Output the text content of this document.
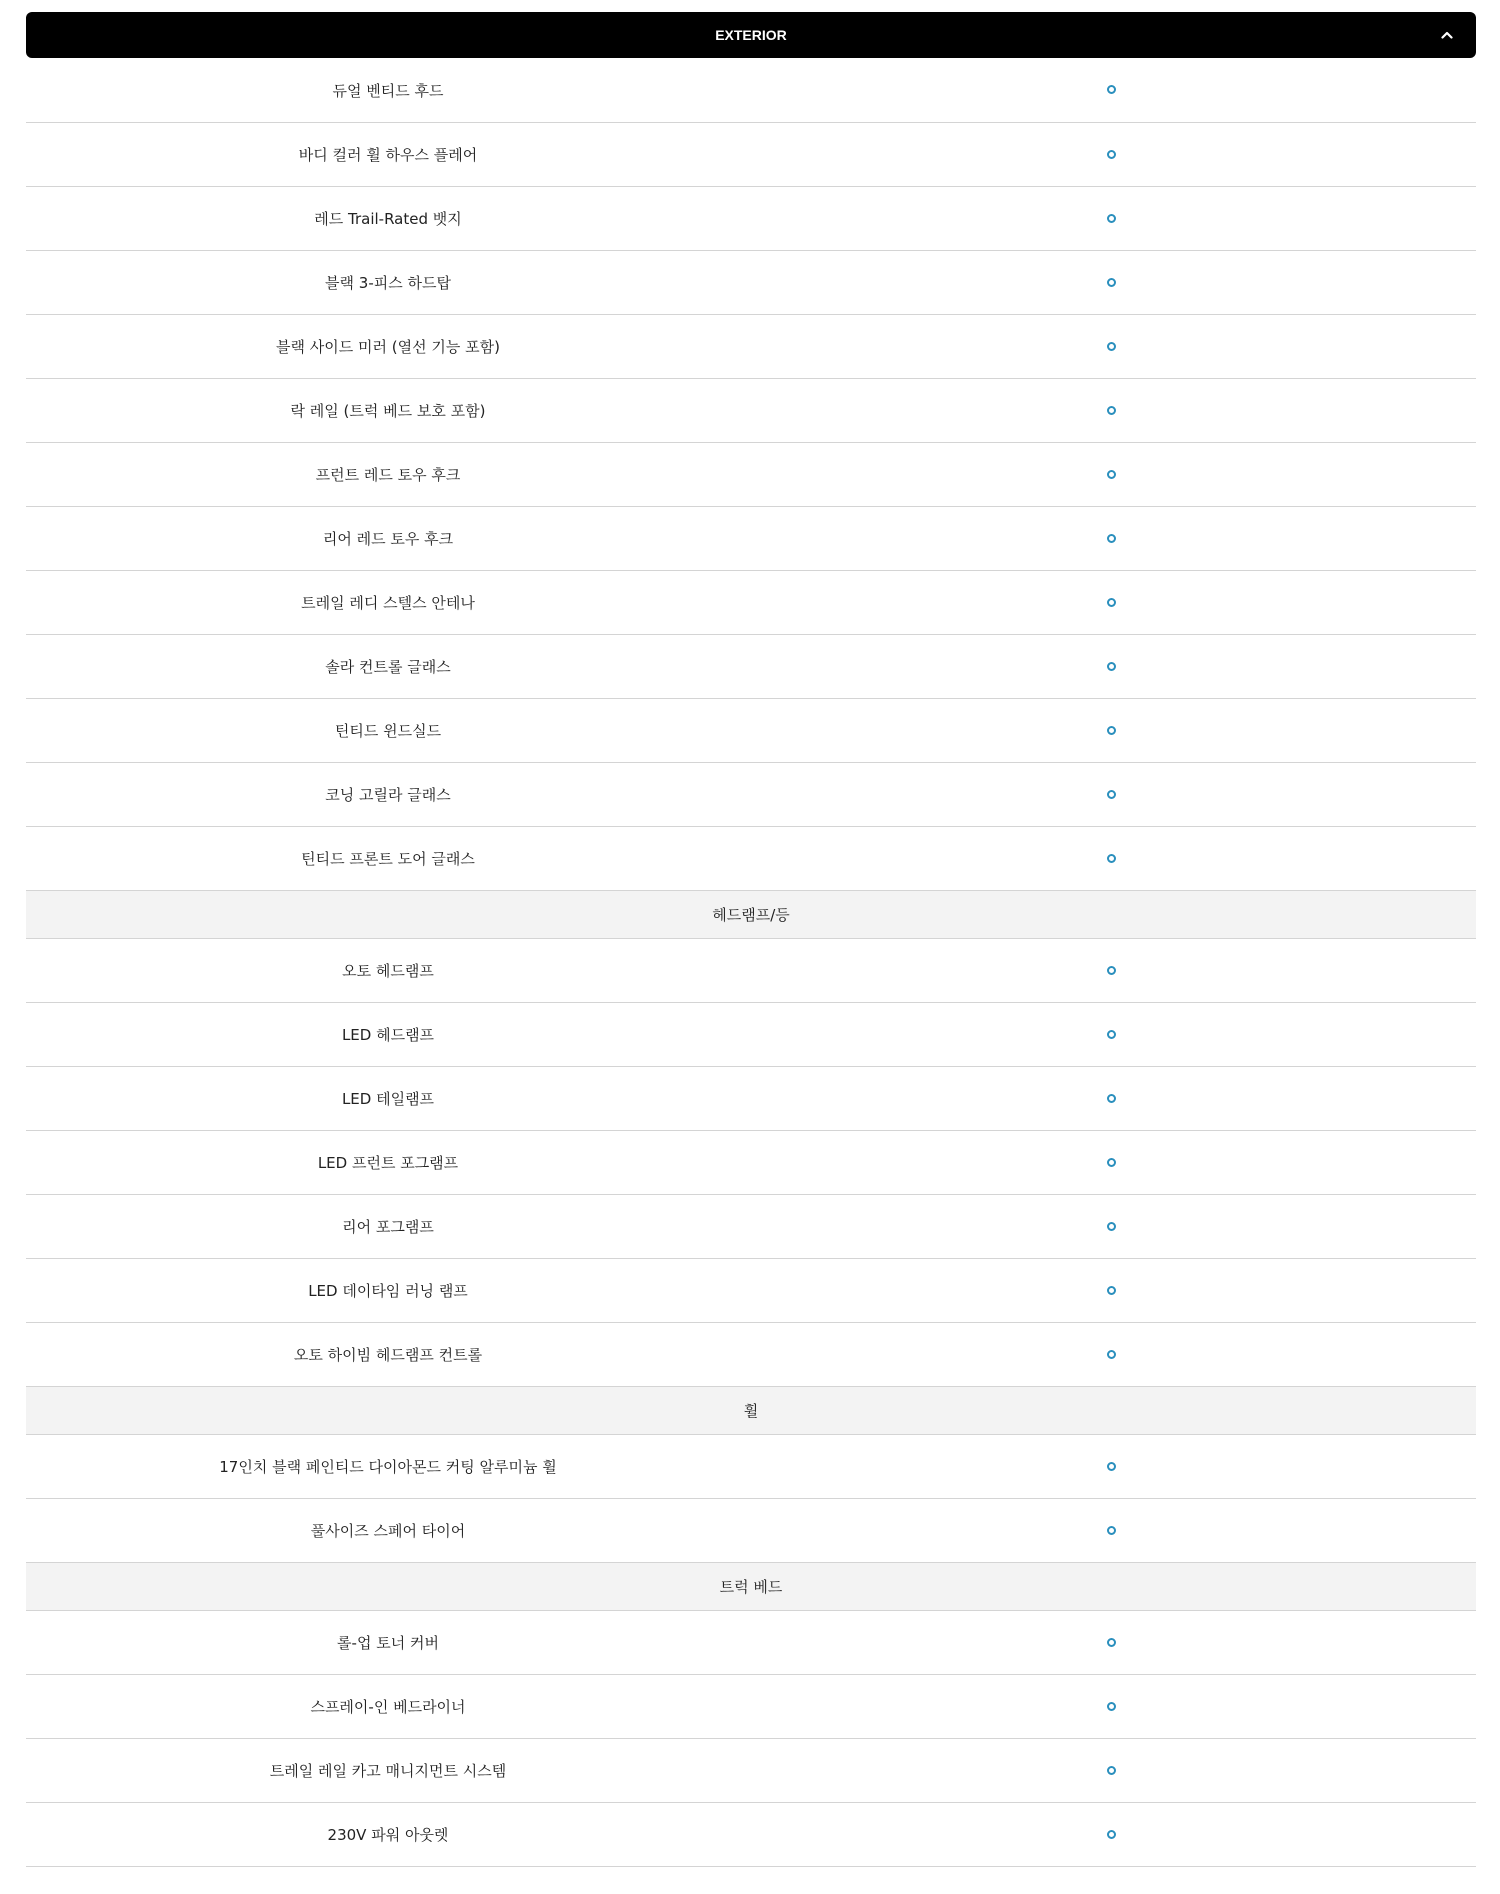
EXTERIOR
듀얼 벤티드 후드
바디 컬러 휠 하우스 플레어
레드 Trail-Rated 뱃지
블랙 3-피스 하드탑
블랙 사이드 미러 (열선 기능 포함)
락 레일 (트럭 베드 보호 포함)
프런트 레드 토우 후크
리어 레드 토우 후크
트레일 레디 스텔스 안테나
솔라 컨트롤 글래스
틴티드 윈드실드
코닝 고릴라 글래스
틴티드 프론트 도어 글래스
헤드램프/등
오토 헤드램프
LED 헤드램프
LED 테일램프
LED 프런트 포그램프
리어 포그램프
LED 데이타임 러닝 램프
오토 하이빔 헤드램프 컨트롤
휠
17인치 블랙 페인티드 다이아몬드 커팅 알루미늄 휠
풀사이즈 스페어 타이어
트럭 베드
롤-업 토너 커버
스프레이-인 베드라이너
트레일 레일 카고 매니지먼트 시스템
230V 파워 아웃렛
